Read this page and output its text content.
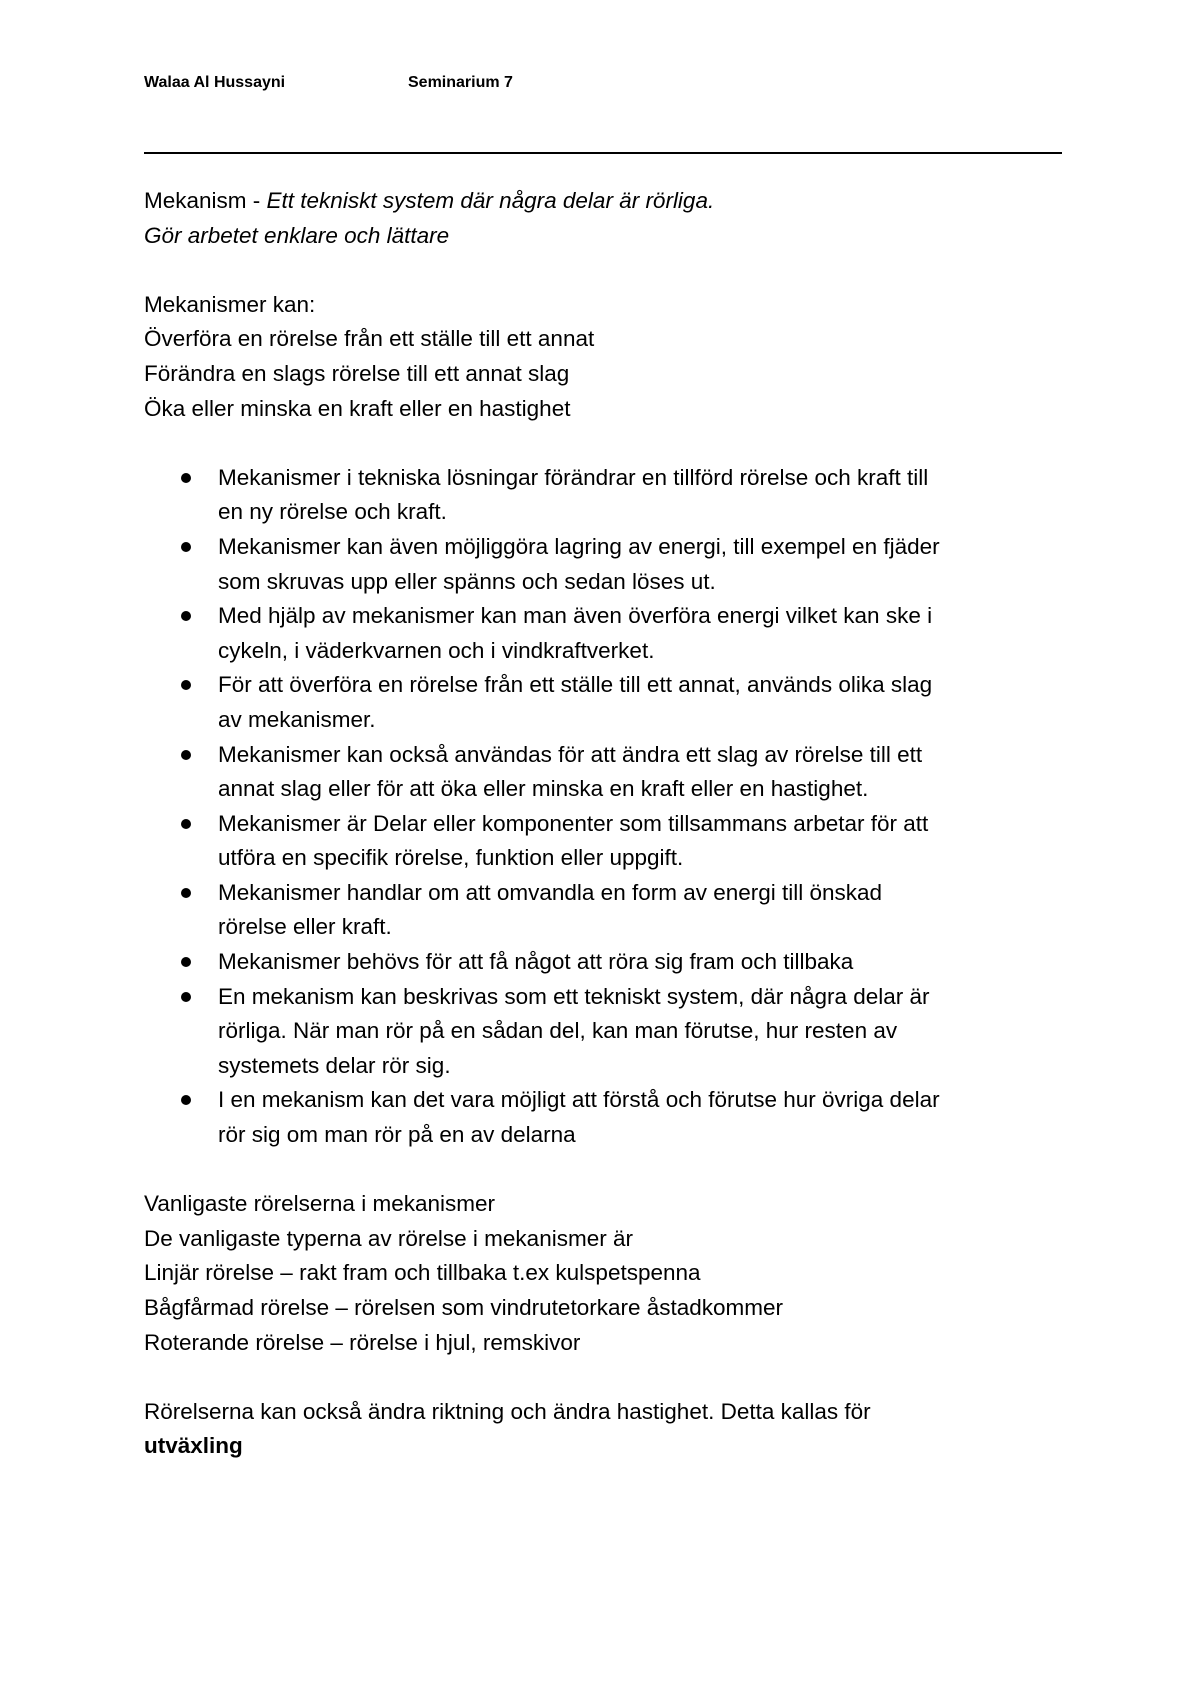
Walaa Al Hussayni	Seminarium 7
Mekanism - Ett tekniskt system där några delar är rörliga.
Gör arbetet enklare och lättare
Mekanismer kan:
Överföra en rörelse från ett ställe till ett annat
Förändra en slags rörelse till ett annat slag
Öka eller minska en kraft eller en hastighet
Mekanismer i tekniska lösningar förändrar en tillförd rörelse och kraft till
en ny rörelse och kraft.
Mekanismer kan även möjliggöra lagring av energi, till exempel en fjäder
som skruvas upp eller spänns och sedan löses ut.
Med hjälp av mekanismer kan man även överföra energi vilket kan ske i
cykeln, i väderkvarnen och i vindkraftverket.
För att överföra en rörelse från ett ställe till ett annat, används olika slag
av mekanismer.
Mekanismer kan också användas för att ändra ett slag av rörelse till ett
annat slag eller för att öka eller minska en kraft eller en hastighet.
Mekanismer är Delar eller komponenter som tillsammans arbetar för att
utföra en specifik rörelse, funktion eller uppgift.
Mekanismer handlar om att omvandla en form av energi till önskad
rörelse eller kraft.
Mekanismer behövs för att få något att röra sig fram och tillbaka
En mekanism kan beskrivas som ett tekniskt system, där några delar är
rörliga. När man rör på en sådan del, kan man förutse, hur resten av
systemets delar rör sig.
I en mekanism kan det vara möjligt att förstå och förutse hur övriga delar
rör sig om man rör på en av delarna
Vanligaste rörelserna i mekanismer
De vanligaste typerna av rörelse i mekanismer är
Linjär rörelse – rakt fram och tillbaka t.ex kulspetspenna
Bågfårmad rörelse – rörelsen som vindrutetorkare åstadkommer
Roterande rörelse – rörelse i hjul, remskivor
Rörelserna kan också ändra riktning och ändra hastighet. Detta kallas för
utväxling
